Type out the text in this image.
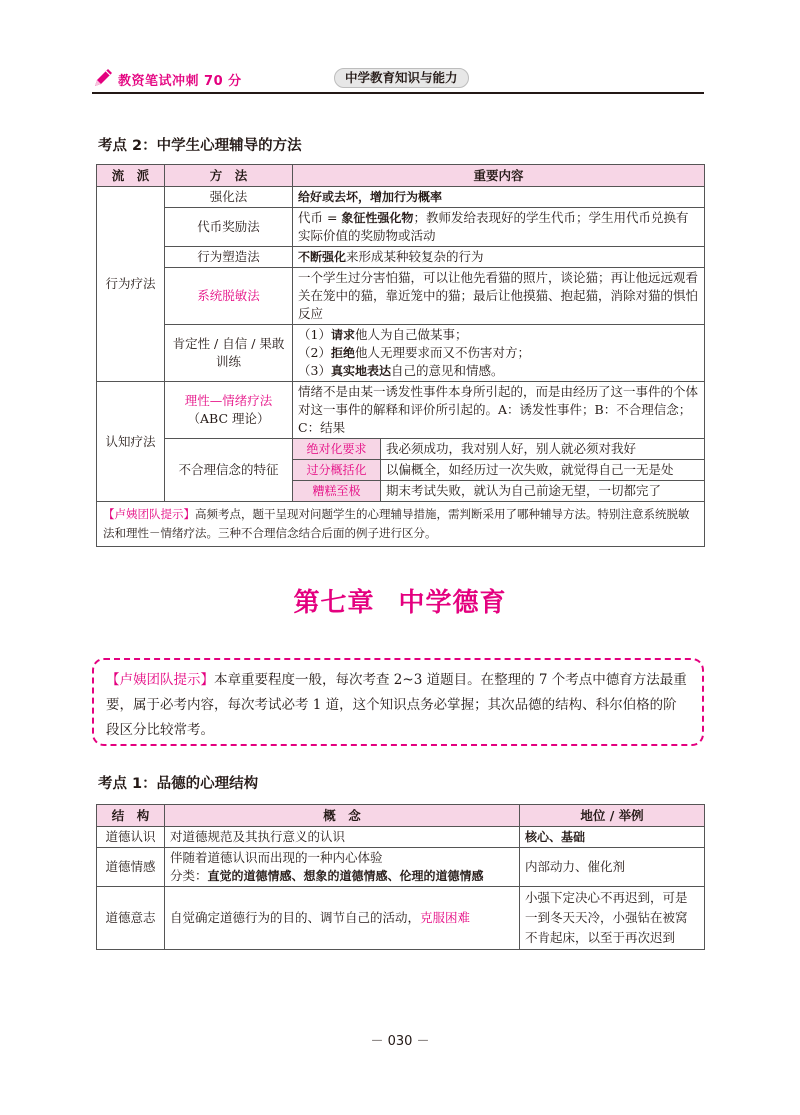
教资笔试冲刺 70 分	中学教育知识与能力
考点 2：中学生心理辅导的方法
流　派	方　法	重要内容	
行为疗法	强化法	给好或去坏，增加行为概率	
	代币奖励法	代币 = 象征性强化物；教师发给表现好的学生代币；学生用代币兑换有实际价值的奖励物或活动	
	行为塑造法	不断强化来形成某种较复杂的行为	
	系统脱敏法	一个学生过分害怕猫，可以让他先看猫的照片，谈论猫；再让他远远观看关在笼中的猫，靠近笼中的猫；最后让他摸猫、抱起猫，消除对猫的惧怕反应	
	肯定性 / 自信 / 果敢训练	（1）请求他人为自己做某事；
（2）拒绝他人无理要求而又不伤害对方；
（3）真实地表达自己的意见和情感。	

认知疗法	理性—情绪疗法
（ABC 理论）	情绪不是由某一诱发性事件本身所引起的，而是由经历了这一事件的个体对这一事件的解释和评价所引起的。A：诱发性事件；B：不合理信念；C：结果	
	不合理信念的特征	绝对化要求	我必须成功，我对别人好，别人就必须对我好
		过分概括化	以偏概全，如经历过一次失败，就觉得自己一无是处
		糟糕至极	期末考试失败，就认为自己前途无望，一切都完了
【卢姨团队提示】高频考点，题干呈现对问题学生的心理辅导措施，需判断采用了哪种辅导方法。特别注意系统脱敏法和理性－情绪疗法。三种不合理信念结合后面的例子进行区分。			
第七章 中学德育
【卢姨团队提示】本章重要程度一般，每次考查 2~3 道题目。在整理的 7 个考点中德育方法最重要，属于必考内容，每次考试必考 1 道，这个知识点务必掌握；其次品德的结构、科尔伯格的阶段区分比较常考。
考点 1：品德的心理结构
结　构	概　念	地位 / 举例
道德认识	对道德规范及其执行意义的认识	核心、基础
道德情感	伴随着道德认识而出现的一种内心体验
分类：直觉的道德情感、想象的道德情感、伦理的道德情感	内部动力、催化剂
道德意志	自觉确定道德行为的目的、调节自己的活动，克服困难	小强下定决心不再迟到，可是一到冬天天冷，小强钻在被窝不肯起床，以至于再次迟到
－ 030 －
